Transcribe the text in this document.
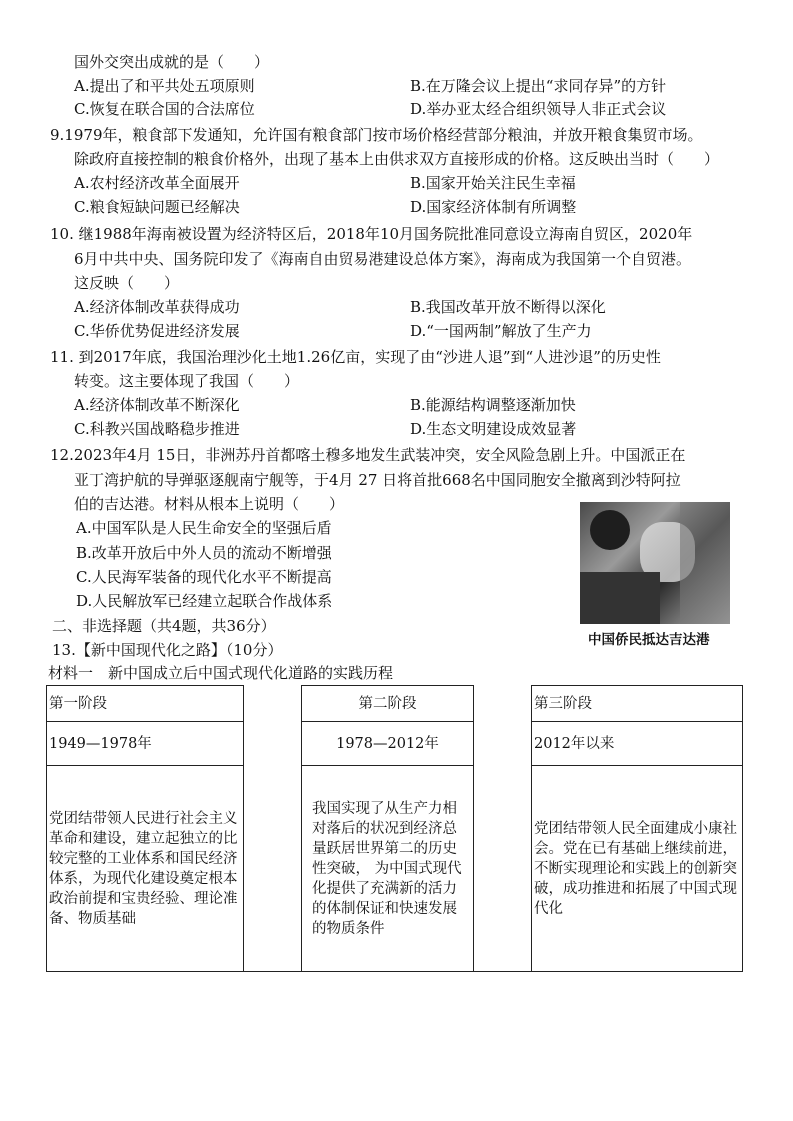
国外交突出成就的是（　　）
A.提出了和平共处五项原则	B.在万隆会议上提出“求同存异”的方针
C.恢复在联合国的合法席位	D.举办亚太经合组织领导人非正式会议
9.1979年，粮食部下发通知，允许国有粮食部门按市场价格经营部分粮油，并放开粮食集贸市场。
除政府直接控制的粮食价格外，出现了基本上由供求双方直接形成的价格。这反映出当时（　　）
A.农村经济改革全面展开	B.国家开始关注民生幸福
C.粮食短缺问题已经解决	D.国家经济体制有所调整
10. 继1988年海南被设置为经济特区后，2018年10月国务院批准同意设立海南自贸区，2020年
6月中共中央、国务院印发了《海南自由贸易港建设总体方案》，海南成为我国第一个自贸港。
这反映（　　）
A.经济体制改革获得成功	B.我国改革开放不断得以深化
C.华侨优势促进经济发展	D.“一国两制”解放了生产力
11. 到2017年底，我国治理沙化土地1.26亿亩，实现了由“沙进人退”到“人进沙退”的历史性
转变。这主要体现了我国（　　）
A.经济体制改革不断深化	B.能源结构调整逐渐加快
C.科教兴国战略稳步推进	D.生态文明建设成效显著
12.2023年4月 15日，非洲苏丹首都喀土穆多地发生武装冲突，安全风险急剧上升。中国派正在
亚丁湾护航的导弹驱逐舰南宁舰等，于4月 27 日将首批668名中国同胞安全撤离到沙特阿拉
伯的吉达港。材料从根本上说明（　　）
A.中国军队是人民生命安全的坚强后盾
B.改革开放后中外人员的流动不断增强
C.人民海军装备的现代化水平不断提高
D.人民解放军已经建立起联合作战体系
中国侨民抵达吉达港
二、非选择题（共4题，共36分）
13.【新中国现代化之路】（10分）
材料一　新中国成立后中国式现代化道路的实践历程
第一阶段		第二阶段		第三阶段
1949—1978年		1978—2012年		2012年以来
党团结带领人民进行社会主义革命和建设，建立起独立的比较完整的工业体系和国民经济体系，为现代化建设奠定根本政治前提和宝贵经验、理论准备、物质基础		我国实现了从生产力相对落后的状况到经济总量跃居世界第二的历史性突破， 为中国式现代化提供了充满新的活力的体制保证和快速发展的物质条件		党团结带领人民全面建成小康社会。党在已有基础上继续前进，不断实现理论和实践上的创新突破，成功推进和拓展了中国式现代化
